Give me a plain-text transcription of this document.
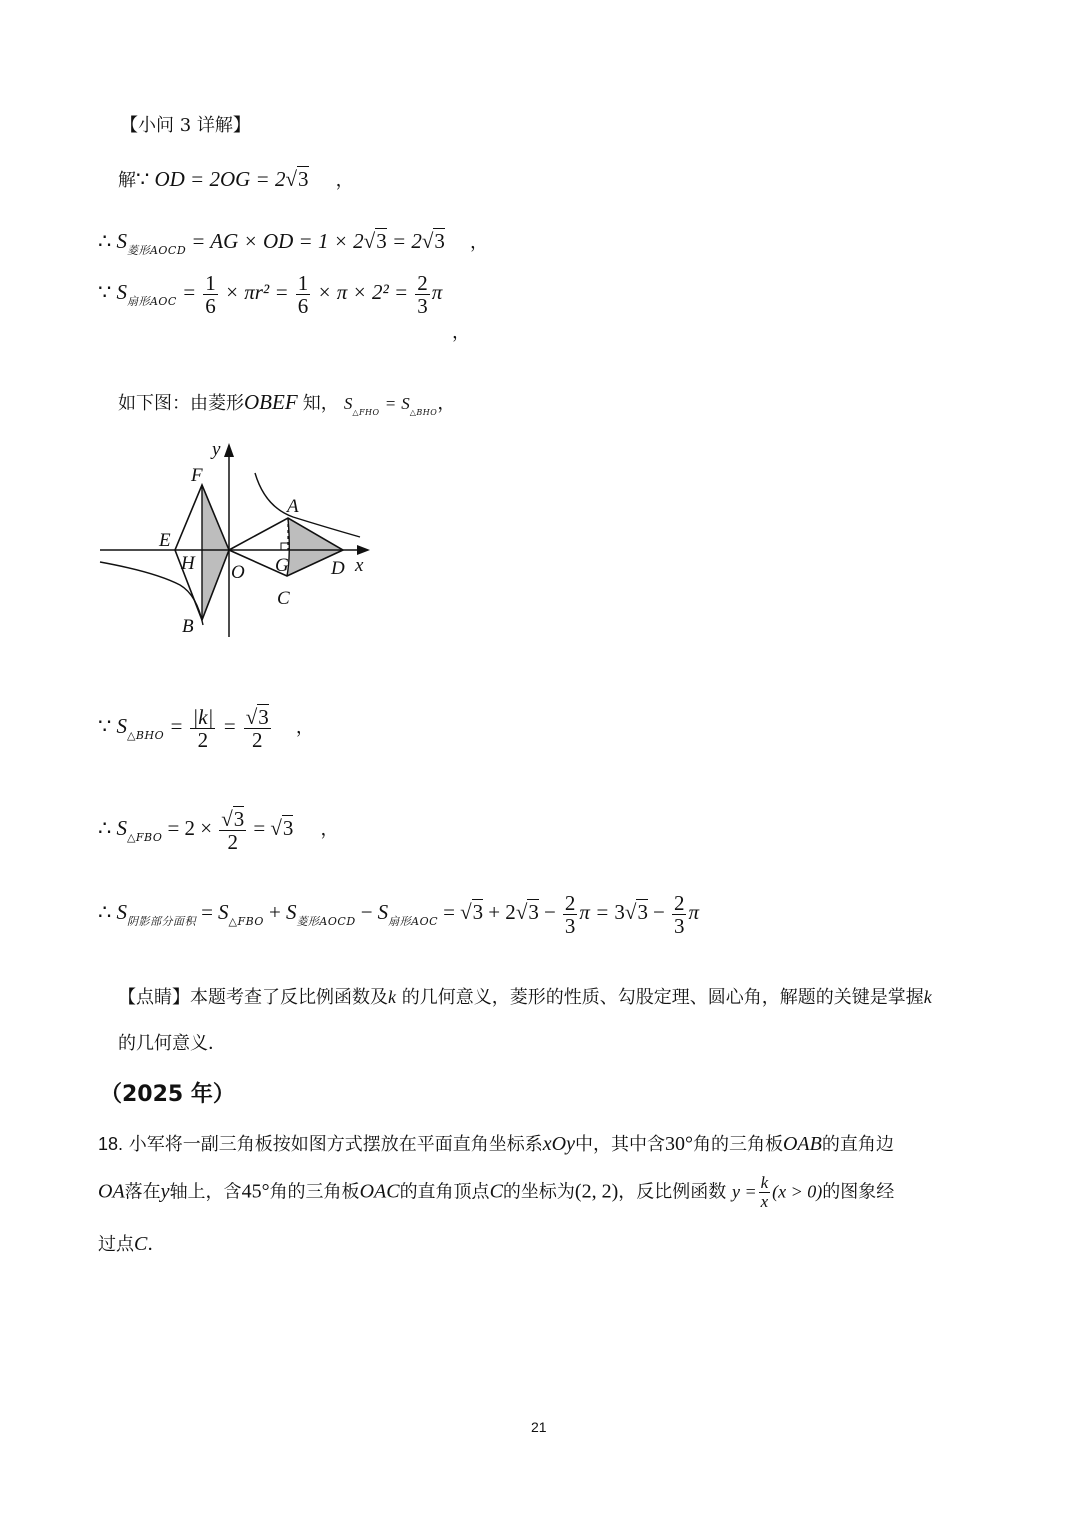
【小问 3 详解】
解∵ OD = 2OG = 2√3 ，
∴ $S_{菱形AOCD}$ = AG × OD = 1 × 2√3 = 2√3 ，
∵ $S_{扇形AOC} = \frac{1}{6} \times \pi r^2 = \frac{1}{6} \times \pi \times 2^2 = \frac{2}{3}$ π
，
如下图：由菱形OBEF 知， $S_{\triangle FHO} = S_{\triangle BHO}$，
y
F
A
E
H O G D x
C
B
∵ $S_{\triangle BHO} = \frac{|k|}{2} = \frac{√3}{2}$ ，
∴ $S_{\triangle FBO} = 2 \times \frac{√3}{2} = √3$ ，
∴ $S_{阴影部分面积} = S_{\triangle FBO} + S_{菱形AOCD} - S_{扇形AOC} = √3 + 2√3 - \frac{2}{3}$ $\pi = 3√3 - \frac{2}{3}$ π
【点睛】本题考查了反比例函数及k 的几何意义，菱形的性质、勾股定理、圆心角，解题的关键是掌握k
的几何意义．
（2025 年）
18. 小军将一副三角板按如图方式摆放在平面直角坐标系xOy中，其中含30°角的三角板OAB的直角边
OA落在y轴上，含45°角的三角板OAC的直角顶点C的坐标为(2, 2)，反比例函数 $y = \frac{k}{x} (x > 0)$的图象经
过点C．
21
